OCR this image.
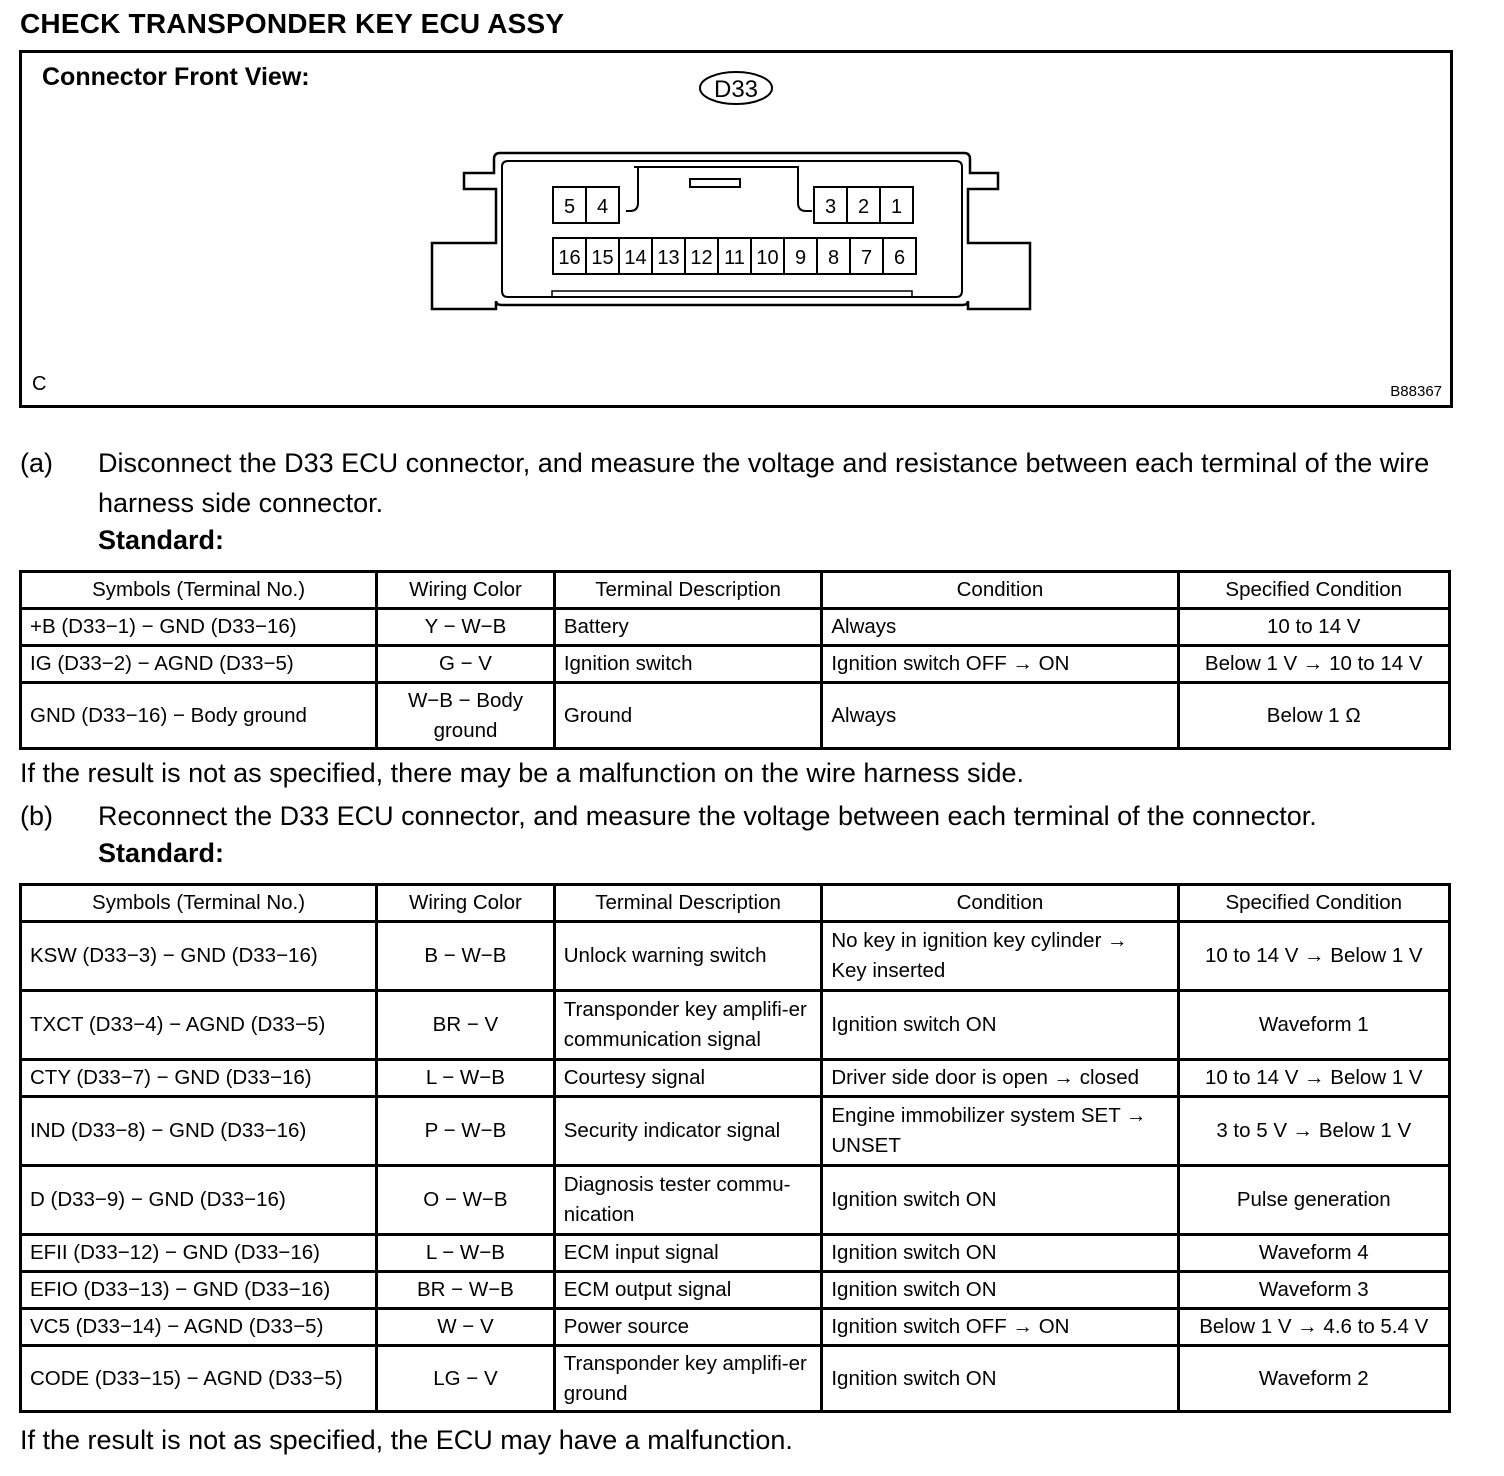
CHECK TRANSPONDER KEY ECU ASSY
Connector Front View:	D33
5 4	3 2 1
16 15 14 13 12 11 10 9 8 7 6
C	B88367
(a) Disconnect the D33 ECU connector, and measure the voltage and resistance between each terminal of the wire harness side connector.
Standard:
Symbols (Terminal No.)	Wiring Color	Terminal Description	Condition	Specified Condition
+B (D33−1) − GND (D33−16)	Y − W−B	Battery	Always	10 to 14 V
IG (D33−2) − AGND (D33−5)	G − V	Ignition switch	Ignition switch OFF → ON	Below 1 V → 10 to 14 V
GND (D33−16) − Body ground	W−B − Body ground	Ground	Always	Below 1 Ω
If the result is not as specified, there may be a malfunction on the wire harness side.
(b) Reconnect the D33 ECU connector, and measure the voltage between each terminal of the connector.
Standard:
Symbols (Terminal No.)	Wiring Color	Terminal Description	Condition	Specified Condition
KSW (D33−3) − GND (D33−16)	B − W−B	Unlock warning switch	No key in ignition key cylinder → Key inserted	10 to 14 V → Below 1 V
TXCT (D33−4) − AGND (D33−5)	BR − V	Transponder key amplifi-er communication signal	Ignition switch ON	Waveform 1
CTY (D33−7) − GND (D33−16)	L − W−B	Courtesy signal	Driver side door is open → closed	10 to 14 V → Below 1 V
IND (D33−8) − GND (D33−16)	P − W−B	Security indicator signal	Engine immobilizer system SET → UNSET	3 to 5 V → Below 1 V
D (D33−9) − GND (D33−16)	O − W−B	Diagnosis tester commu-nication	Ignition switch ON	Pulse generation
EFII (D33−12) − GND (D33−16)	L − W−B	ECM input signal	Ignition switch ON	Waveform 4
EFIO (D33−13) − GND (D33−16)	BR − W−B	ECM output signal	Ignition switch ON	Waveform 3
VC5 (D33−14) − AGND (D33−5)	W − V	Power source	Ignition switch OFF → ON	Below 1 V → 4.6 to 5.4 V
CODE (D33−15) − AGND (D33−5)	LG − V	Transponder key amplifi-er ground	Ignition switch ON	Waveform 2
If the result is not as specified, the ECU may have a malfunction.
